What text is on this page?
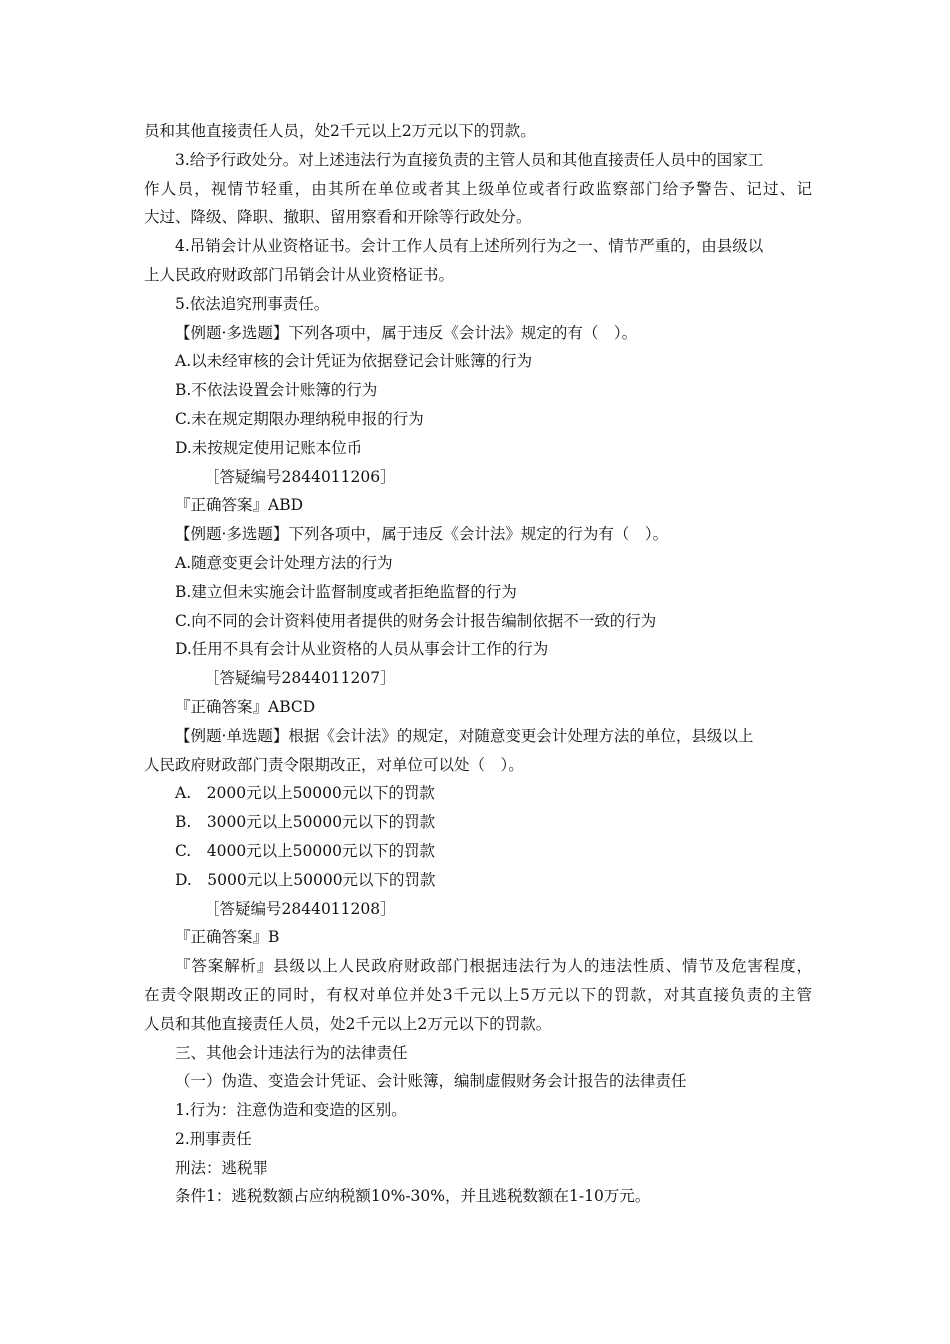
员和其他直接责任人员，处2千元以上2万元以下的罚款。
3.给予行政处分。对上述违法行为直接负责的主管人员和其他直接责任人员中的国家工
作人员，视情节轻重，由其所在单位或者其上级单位或者行政监察部门给予警告、记过、记
大过、降级、降职、撤职、留用察看和开除等行政处分。
4.吊销会计从业资格证书。会计工作人员有上述所列行为之一、情节严重的，由县级以
上人民政府财政部门吊销会计从业资格证书。
5.依法追究刑事责任。
【例题·多选题】下列各项中，属于违反《会计法》规定的有（　）。
A.以未经审核的会计凭证为依据登记会计账簿的行为
B.不依法设置会计账簿的行为
C.未在规定期限办理纳税申报的行为
D.未按规定使用记账本位币
［答疑编号2844011206］
『正确答案』ABD
【例题·多选题】下列各项中，属于违反《会计法》规定的行为有（　）。
A.随意变更会计处理方法的行为
B.建立但未实施会计监督制度或者拒绝监督的行为
C.向不同的会计资料使用者提供的财务会计报告编制依据不一致的行为
D.任用不具有会计从业资格的人员从事会计工作的行为
［答疑编号2844011207］
『正确答案』ABCD
【例题·单选题】根据《会计法》的规定，对随意变更会计处理方法的单位，县级以上
人民政府财政部门责令限期改正，对单位可以处（　）。
A.　2000元以上50000元以下的罚款
B.　3000元以上50000元以下的罚款
C.　4000元以上50000元以下的罚款
D.　5000元以上50000元以下的罚款
［答疑编号2844011208］
『正确答案』B
『答案解析』县级以上人民政府财政部门根据违法行为人的违法性质、情节及危害程度，
在责令限期改正的同时，有权对单位并处3千元以上5万元以下的罚款，对其直接负责的主管
人员和其他直接责任人员，处2千元以上2万元以下的罚款。
三、其他会计违法行为的法律责任
（一）伪造、变造会计凭证、会计账簿，编制虚假财务会计报告的法律责任
1.行为：注意伪造和变造的区别。
2.刑事责任
刑法：逃税罪
条件1：逃税数额占应纳税额10%-30%，并且逃税数额在1-10万元。
